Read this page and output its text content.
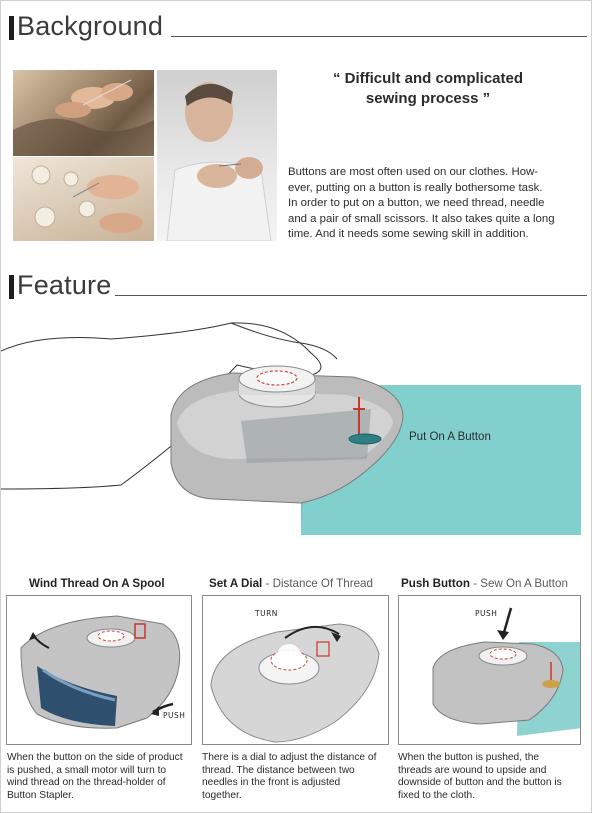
Background
“ Difficult and complicated
sewing process ”
Buttons are most often used on our clothes. How-
ever, putting on a button is really bothersome task.
In order to put on a button, we need thread, needle
and a pair of small scissors. It also takes quite a long
time. And it needs some sewing skill in addition.
Feature
Put On A Button
Wind Thread On A Spool	Set A Dial - Distance Of Thread Push Button - Sew On A Button
PUSH
TURN	PUSH
When the button on the side of product
is pushed, a small motor will turn to
wind thread on the thread-holder of
Button Stapler.
There is a dial to adjust the distance of
thread. The distance between two
needles in the front is adjusted
together.
When the button is pushed, the
threads are wound to upside and
downside of button and the button is
fixed to the cloth.
